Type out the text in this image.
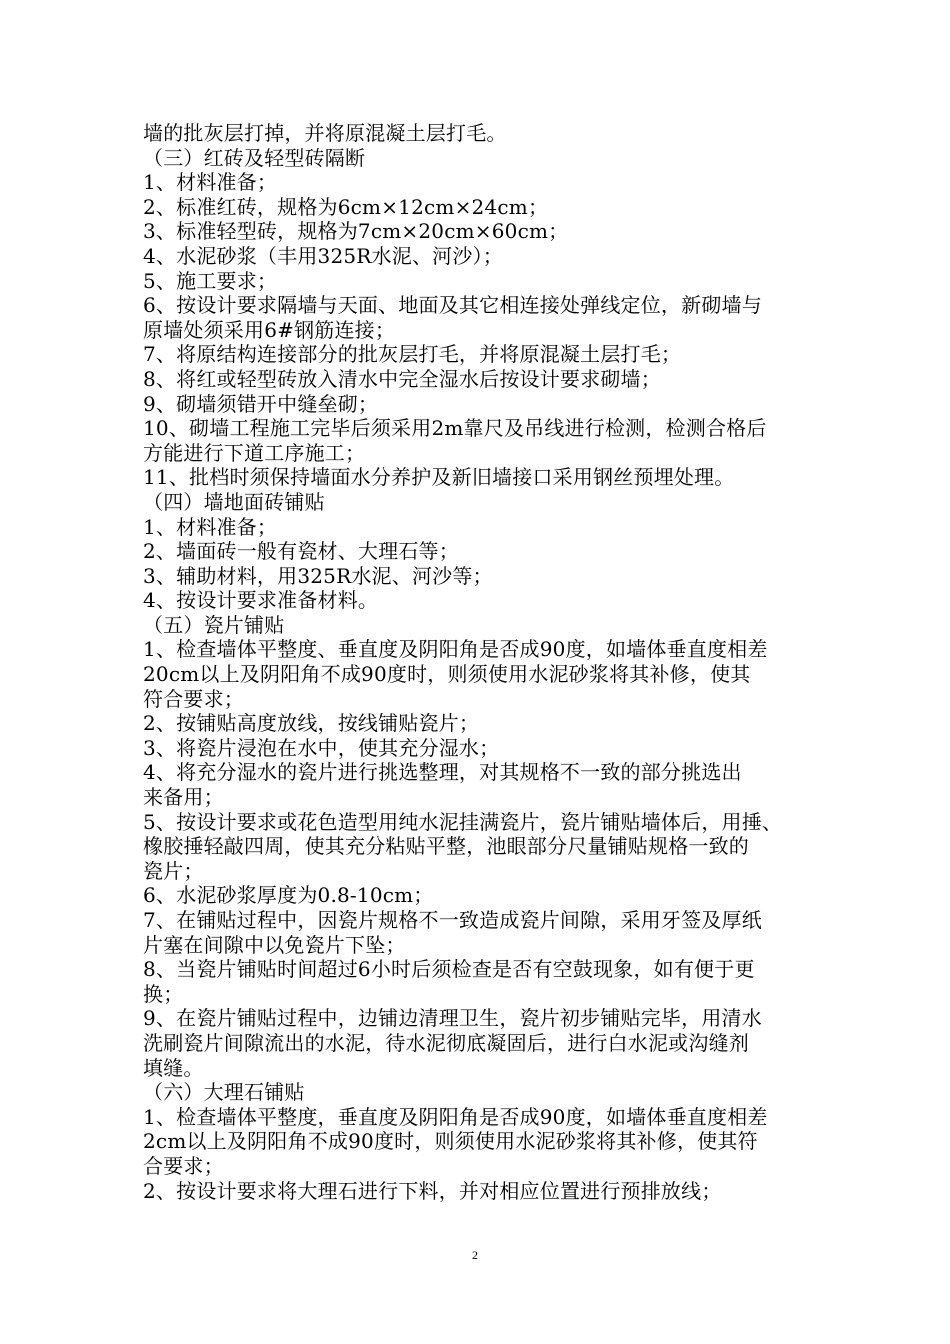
墙的批灰层打掉，并将原混凝土层打毛。
（三）红砖及轻型砖隔断
1、材料准备；
2、标准红砖，规格为6cm×12cm×24cm；
3、标准轻型砖，规格为7cm×20cm×60cm；
4、水泥砂浆（丰用325R水泥、河沙）；
5、施工要求；
6、按设计要求隔墙与天面、地面及其它相连接处弹线定位，新砌墙与
原墙处须采用6#钢筋连接；
7、将原结构连接部分的批灰层打毛，并将原混凝土层打毛；
8、将红或轻型砖放入清水中完全湿水后按设计要求砌墙；
9、砌墙须错开中缝垒砌；
10、砌墙工程施工完毕后须采用2m靠尺及吊线进行检测，检测合格后
方能进行下道工序施工；
11、批档时须保持墙面水分养护及新旧墙接口采用钢丝预埋处理。
（四）墙地面砖铺贴
1、材料准备；
2、墙面砖一般有瓷材、大理石等；
3、辅助材料，用325R水泥、河沙等；
4、按设计要求准备材料。
（五）瓷片铺贴
1、检查墙体平整度、垂直度及阴阳角是否成90度，如墙体垂直度相差
20cm以上及阴阳角不成90度时，则须使用水泥砂浆将其补修，使其
符合要求；
2、按铺贴高度放线，按线铺贴瓷片；
3、将瓷片浸泡在水中，使其充分湿水；
4、将充分湿水的瓷片进行挑选整理，对其规格不一致的部分挑选出
来备用；
5、按设计要求或花色造型用纯水泥挂满瓷片，瓷片铺贴墙体后，用捶、
橡胶捶轻敲四周，使其充分粘贴平整，池眼部分尺量铺贴规格一致的
瓷片；
6、水泥砂浆厚度为0.8-10cm；
7、在铺贴过程中，因瓷片规格不一致造成瓷片间隙，采用牙签及厚纸
片塞在间隙中以免瓷片下坠；
8、当瓷片铺贴时间超过6小时后须检查是否有空鼓现象，如有便于更
换；
9、在瓷片铺贴过程中，边铺边清理卫生，瓷片初步铺贴完毕，用清水
洗刷瓷片间隙流出的水泥，待水泥彻底凝固后，进行白水泥或沟缝剂
填缝。
（六）大理石铺贴
1、检查墙体平整度，垂直度及阴阳角是否成90度，如墙体垂直度相差
2cm以上及阴阳角不成90度时，则须使用水泥砂浆将其补修，使其符
合要求；
2、按设计要求将大理石进行下料，并对相应位置进行预排放线；
2
